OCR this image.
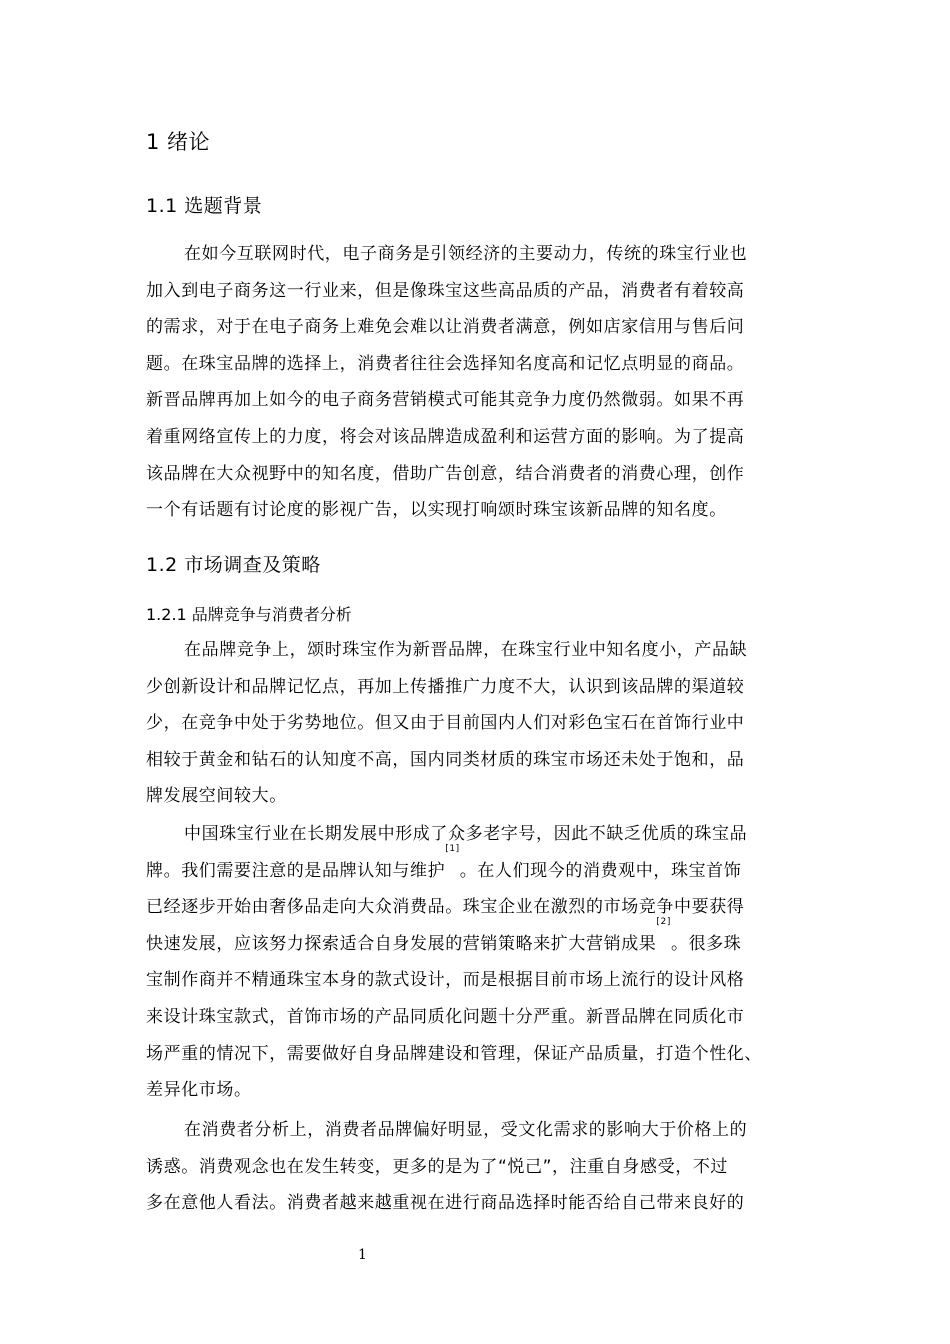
1 绪论
1.1 选题背景
在如今互联网时代，电子商务是引领经济的主要动力，传统的珠宝行业也
加入到电子商务这一行业来，但是像珠宝这些高品质的产品，消费者有着较高
的需求，对于在电子商务上难免会难以让消费者满意，例如店家信用与售后问
题。在珠宝品牌的选择上，消费者往往会选择知名度高和记忆点明显的商品。
新晋品牌再加上如今的电子商务营销模式可能其竞争力度仍然微弱。如果不再
着重网络宣传上的力度，将会对该品牌造成盈利和运营方面的影响。为了提高
该品牌在大众视野中的知名度，借助广告创意，结合消费者的消费心理，创作
一个有话题有讨论度的影视广告，以实现打响颂时珠宝该新品牌的知名度。
1.2 市场调查及策略
1.2.1 品牌竞争与消费者分析
在品牌竞争上，颂时珠宝作为新晋品牌，在珠宝行业中知名度小，产品缺
少创新设计和品牌记忆点，再加上传播推广力度不大，认识到该品牌的渠道较
少，在竞争中处于劣势地位。但又由于目前国内人们对彩色宝石在首饰行业中
相较于黄金和钻石的认知度不高，国内同类材质的珠宝市场还未处于饱和，品
牌发展空间较大。
中国珠宝行业在长期发展中形成了众多老字号，因此不缺乏优质的珠宝品
牌。我们需要注意的是品牌认知与维护[1]。在人们现今的消费观中，珠宝首饰
已经逐步开始由奢侈品走向大众消费品。珠宝企业在激烈的市场竞争中要获得
快速发展，应该努力探索适合自身发展的营销策略来扩大营销成果[2]。很多珠
宝制作商并不精通珠宝本身的款式设计，而是根据目前市场上流行的设计风格
来设计珠宝款式，首饰市场的产品同质化问题十分严重。新晋品牌在同质化市
场严重的情况下，需要做好自身品牌建设和管理，保证产品质量，打造个性化、
差异化市场。
在消费者分析上，消费者品牌偏好明显，受文化需求的影响大于价格上的
诱惑。消费观念也在发生转变，更多的是为了“悦己”，注重自身感受，不过
多在意他人看法。消费者越来越重视在进行商品选择时能否给自己带来良好的
1
